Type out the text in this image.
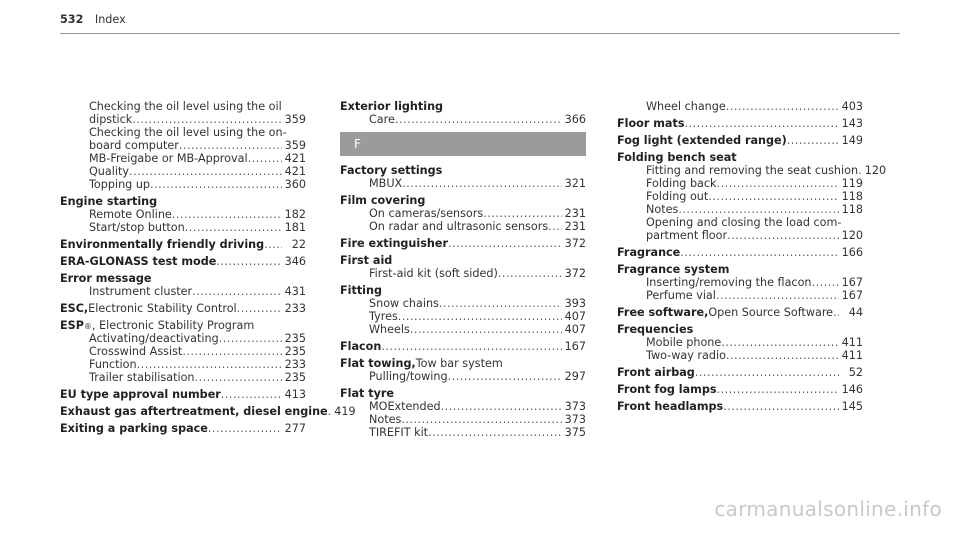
532 Index
Checking the oil level using the oil
dipstick .....	359
Checking the oil level using the on-
board computer .....	359
MB-Freigabe or MB-Approval .....	421
Quality .....	421
Topping up .....	360
Engine starting
Remote Online .....	182
Start/stop button .....	181
Environmentally friendly driving .....	22
ERA-GLONASS test mode .....	346
Error message
Instrument cluster .....	431
ESC, Electronic Stability Control .....	233
ESP ® , Electronic Stability Program
Activating/deactivating .....	235
Crosswind Assist .....	235
Function .....	233
Trailer stabilisation .....	235
EU type approval number .....	413
Exhaust gas aftertreatment, diesel engine ..... 419
Exiting a parking space .....	277
Exterior lighting
Care .....	366
F
Factory settings
MBUX .....	321
Film covering
On cameras/sensors .....	231
On radar and ultrasonic sensors ..... 231
Fire extinguisher .....	372
First aid
First-aid kit (soft sided) .....	372
Fitting
Snow chains .....	393
Tyres .....	407
Wheels .....	407
Flacon .....	167
Flat towing, Tow bar system
Pulling/towing .....	297
Flat tyre
MOExtended .....	373
Notes .....	373
TIREFIT kit .....	375
Wheel change .....	403
Floor mats .....	143
Fog light (extended range) .....	149
Folding bench seat
Fitting and removing the seat cushion ..... 120
Folding back .....	119
Folding out .....	118
Notes .....	118
Opening and closing the load com-
partment floor .....	120
Fragrance .....	166
Fragrance system
Inserting/removing the flacon .....	167
Perfume vial .....	167
Free software, Open Source Software .....	44
Frequencies
Mobile phone .....	411
Two-way radio .....	411
Front airbag .....	52
Front fog lamps .....	146
Front headlamps .....	145
carmanualsonline.info
